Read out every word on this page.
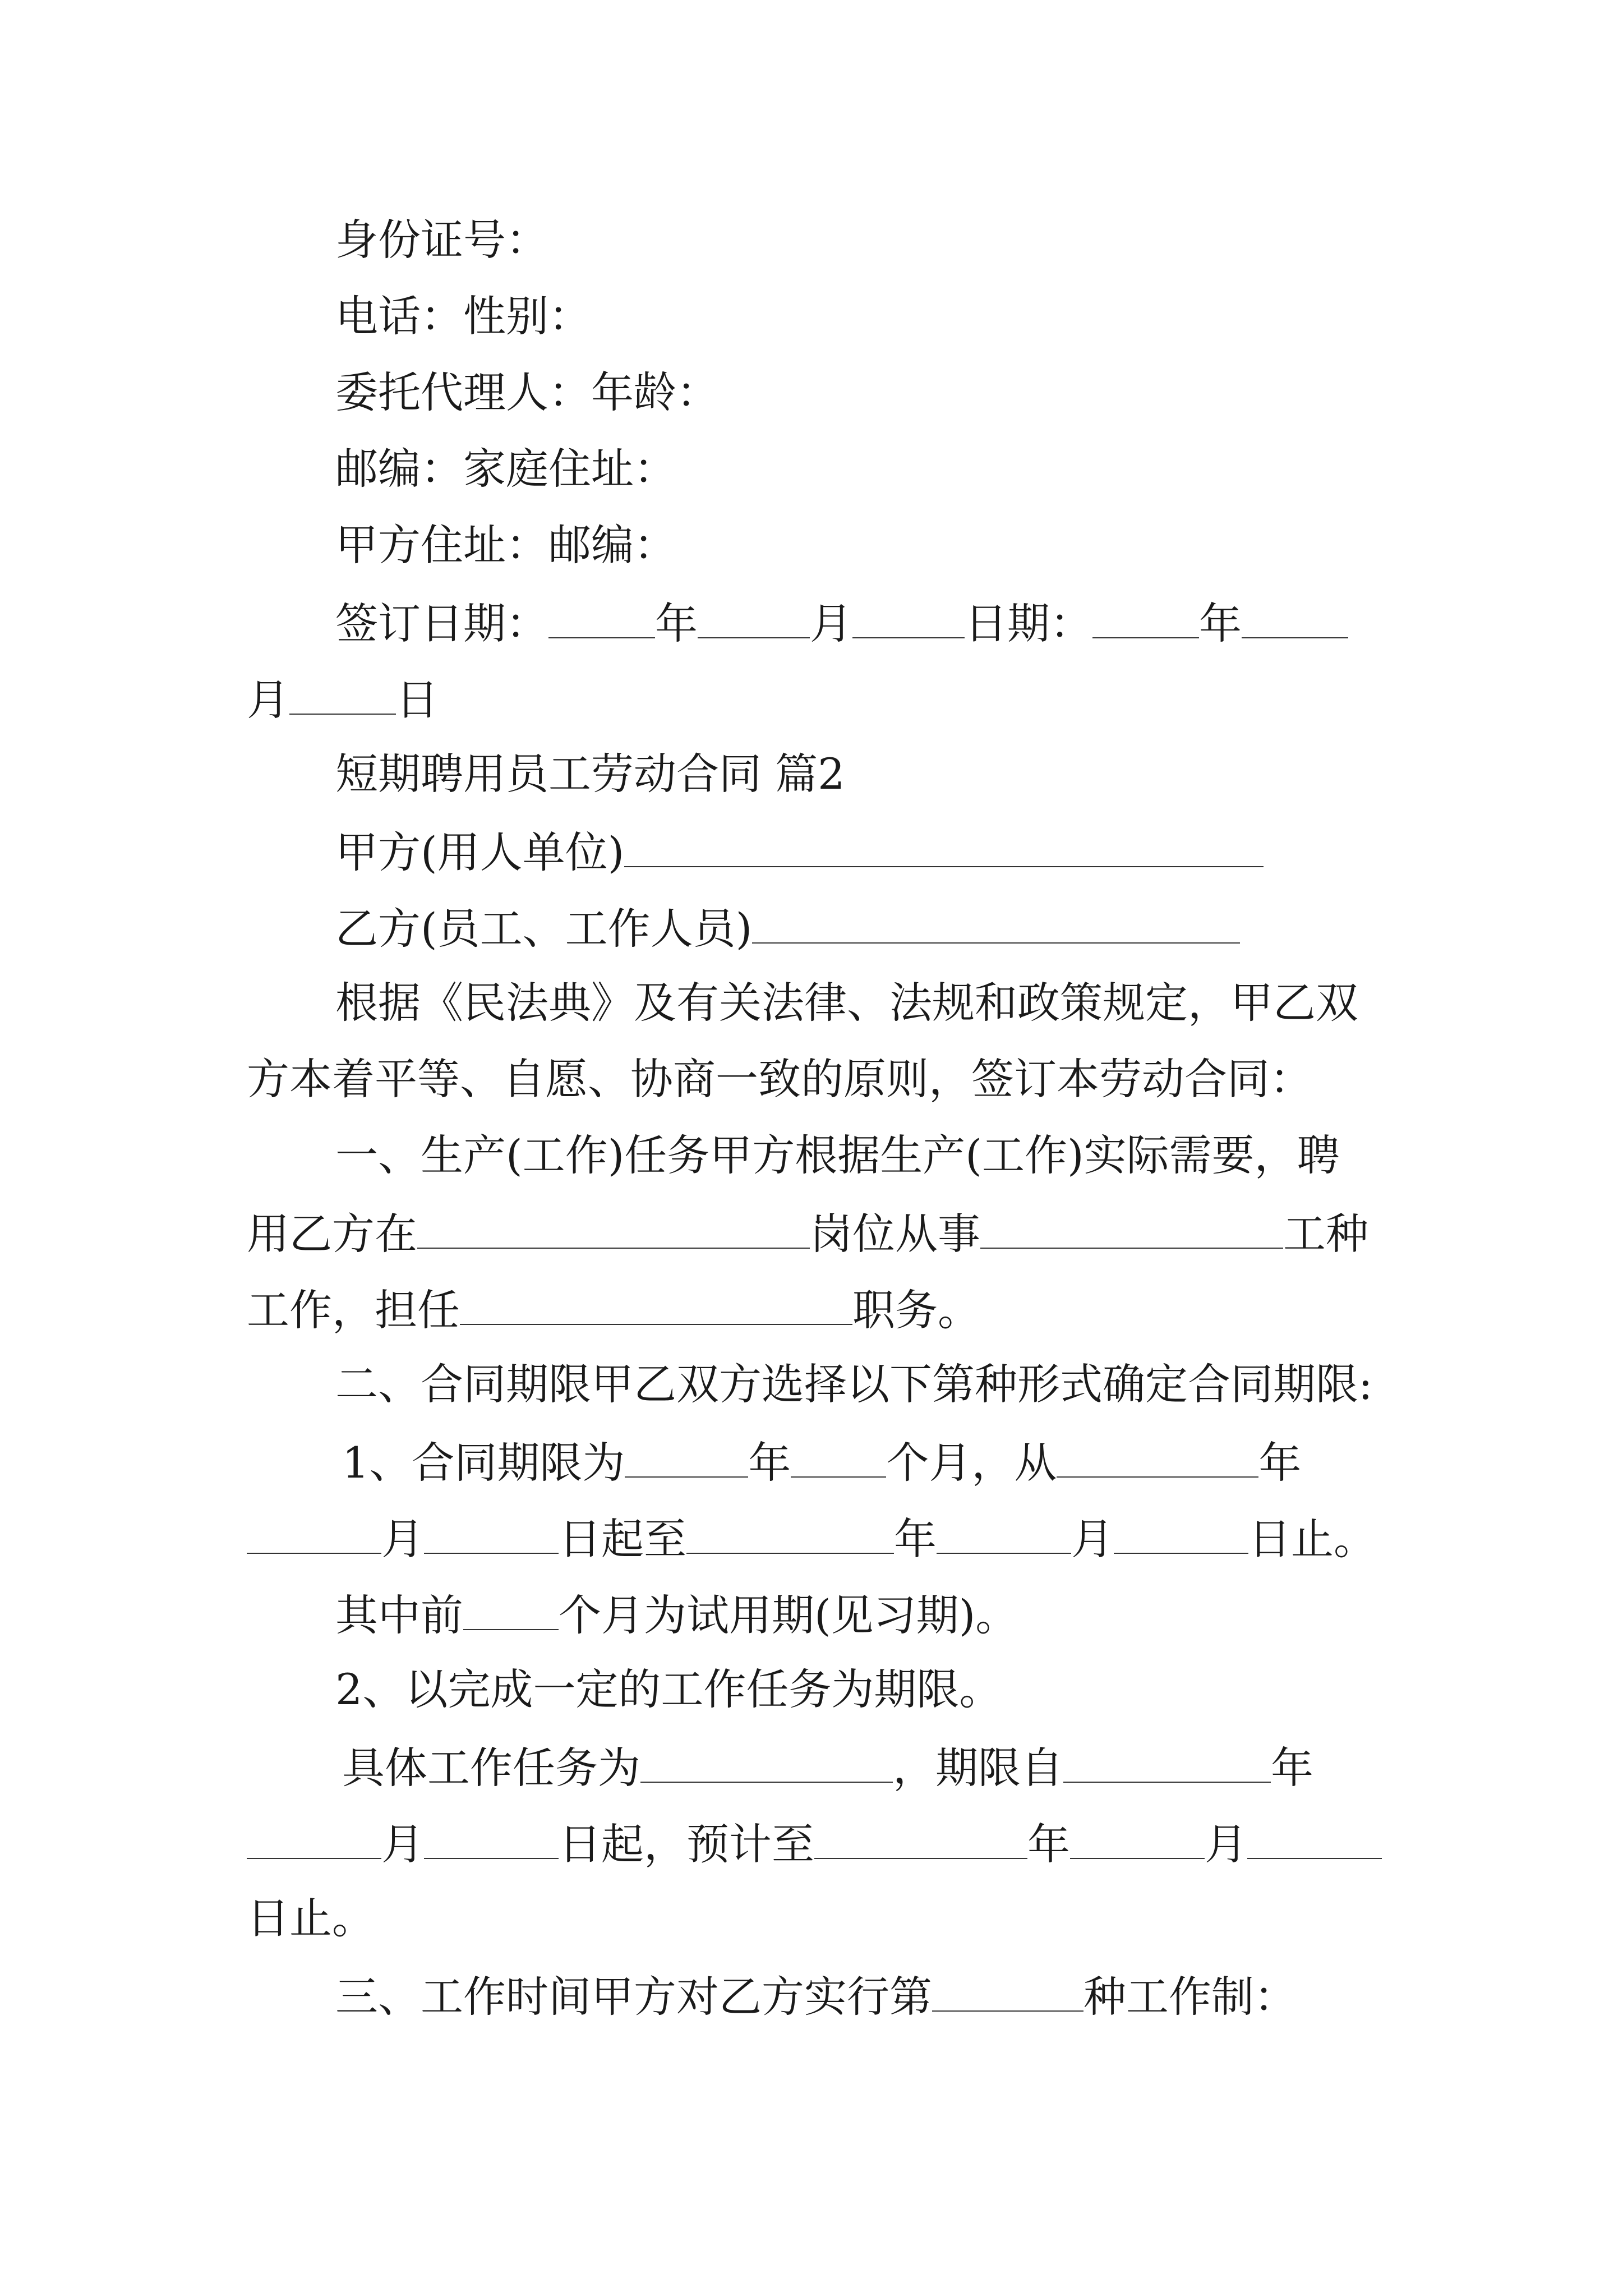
身份证号：
电话：性别：
委托代理人：年龄：
邮编：家庭住址：
甲方住址：邮编：
签订日期：	年	月	日期：	年
月	日
短期聘用员工劳动合同 篇2
甲方(用人单位)
乙方(员工、工作人员)
根据《民法典》及有关法律、法规和政策规定，甲乙双
方本着平等、自愿、协商一致的原则，签订本劳动合同：
一、生产(工作)任务甲方根据生产(工作)实际需要，聘
用乙方在	岗位从事	工种
工作，担任	职务。
二、合同期限甲乙双方选择以下第种形式确定合同期限:
1、合同期限为	年 个月，从	年
月	日起至	年	月	日止。
其中前 个月为试用期(见习期)。
2、以完成一定的工作任务为期限。
具体工作任务为	，期限自	年
月	日起，预计至	年	月
日止。
三、工作时间甲方对乙方实行第	种工作制：
